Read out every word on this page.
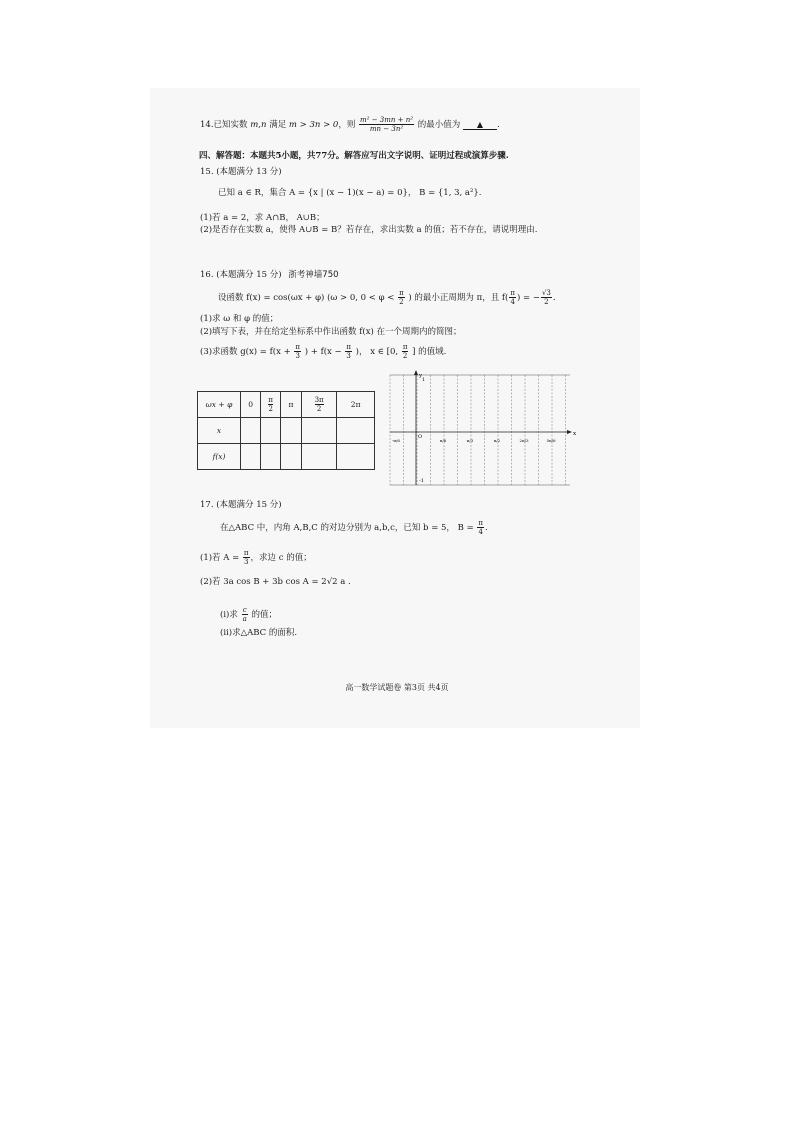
14.已知实数 m,n 满足 m > 3n > 0，则 $\frac{\text{m² − 3mn + n²}}{\text{mn − 3n²}}$ 的最小值为 ▲ .
四、解答题：本题共5小题，共77分。解答应写出文字说明、证明过程或演算步骤.
15. (本题满分 13 分)
已知 a ∈ R，集合 A = {x | (x − 1)(x − a) = 0}， B = {1, 3, a²}.
(1)若 a = 2，求 A∩B， A∪B；
(2)是否存在实数 a，使得 A∪B = B？若存在，求出实数 a 的值；若不存在，请说明理由.
16. (本题满分 15 分) 浙考神墙750
设函数 f(x) = cos(ωx + φ) (ω > 0, $0 < \varphi < \frac{\pi}{2}$ ) 的最小正周期为 π，且 $f( \frac{\pi}{4}$ ) = − $\frac{√3}{2}$ .
(1)求 ω 和 φ 的值；
(2)填写下表，并在给定坐标系中作出函数 f(x) 在一个周期内的简图；
(3)求函数 $g(x) = f(x + \frac{\pi}{3}$ ) + $f(x - \frac{\pi}{3}$ )， x ∈ [0, $\frac{\pi}{2}$ ] 的值域.
ωx + φ	0	$\frac{\pi}{2}$	π	$\frac{3\pi}{2}$	2π
x					
f(x)					
y
1
x
O
-1
-π/6	π/6	π/3	π/2	2π/3	5π/6
17. (本题满分 15 分)
在△ABC 中，内角 A,B,C 的对边分别为 a,b,c，已知 b = 5， $B = \frac{\pi}{4}$ .
(1)若 $A = \frac{\pi}{3}$ ，求边 c 的值；
(2)若 3a cos B + 3b cos A = 2√2 a .
(i)求 $\frac{c}{a}$ 的值；
(ii)求△ABC 的面积.
高一数学试题卷 第3页 共4页
